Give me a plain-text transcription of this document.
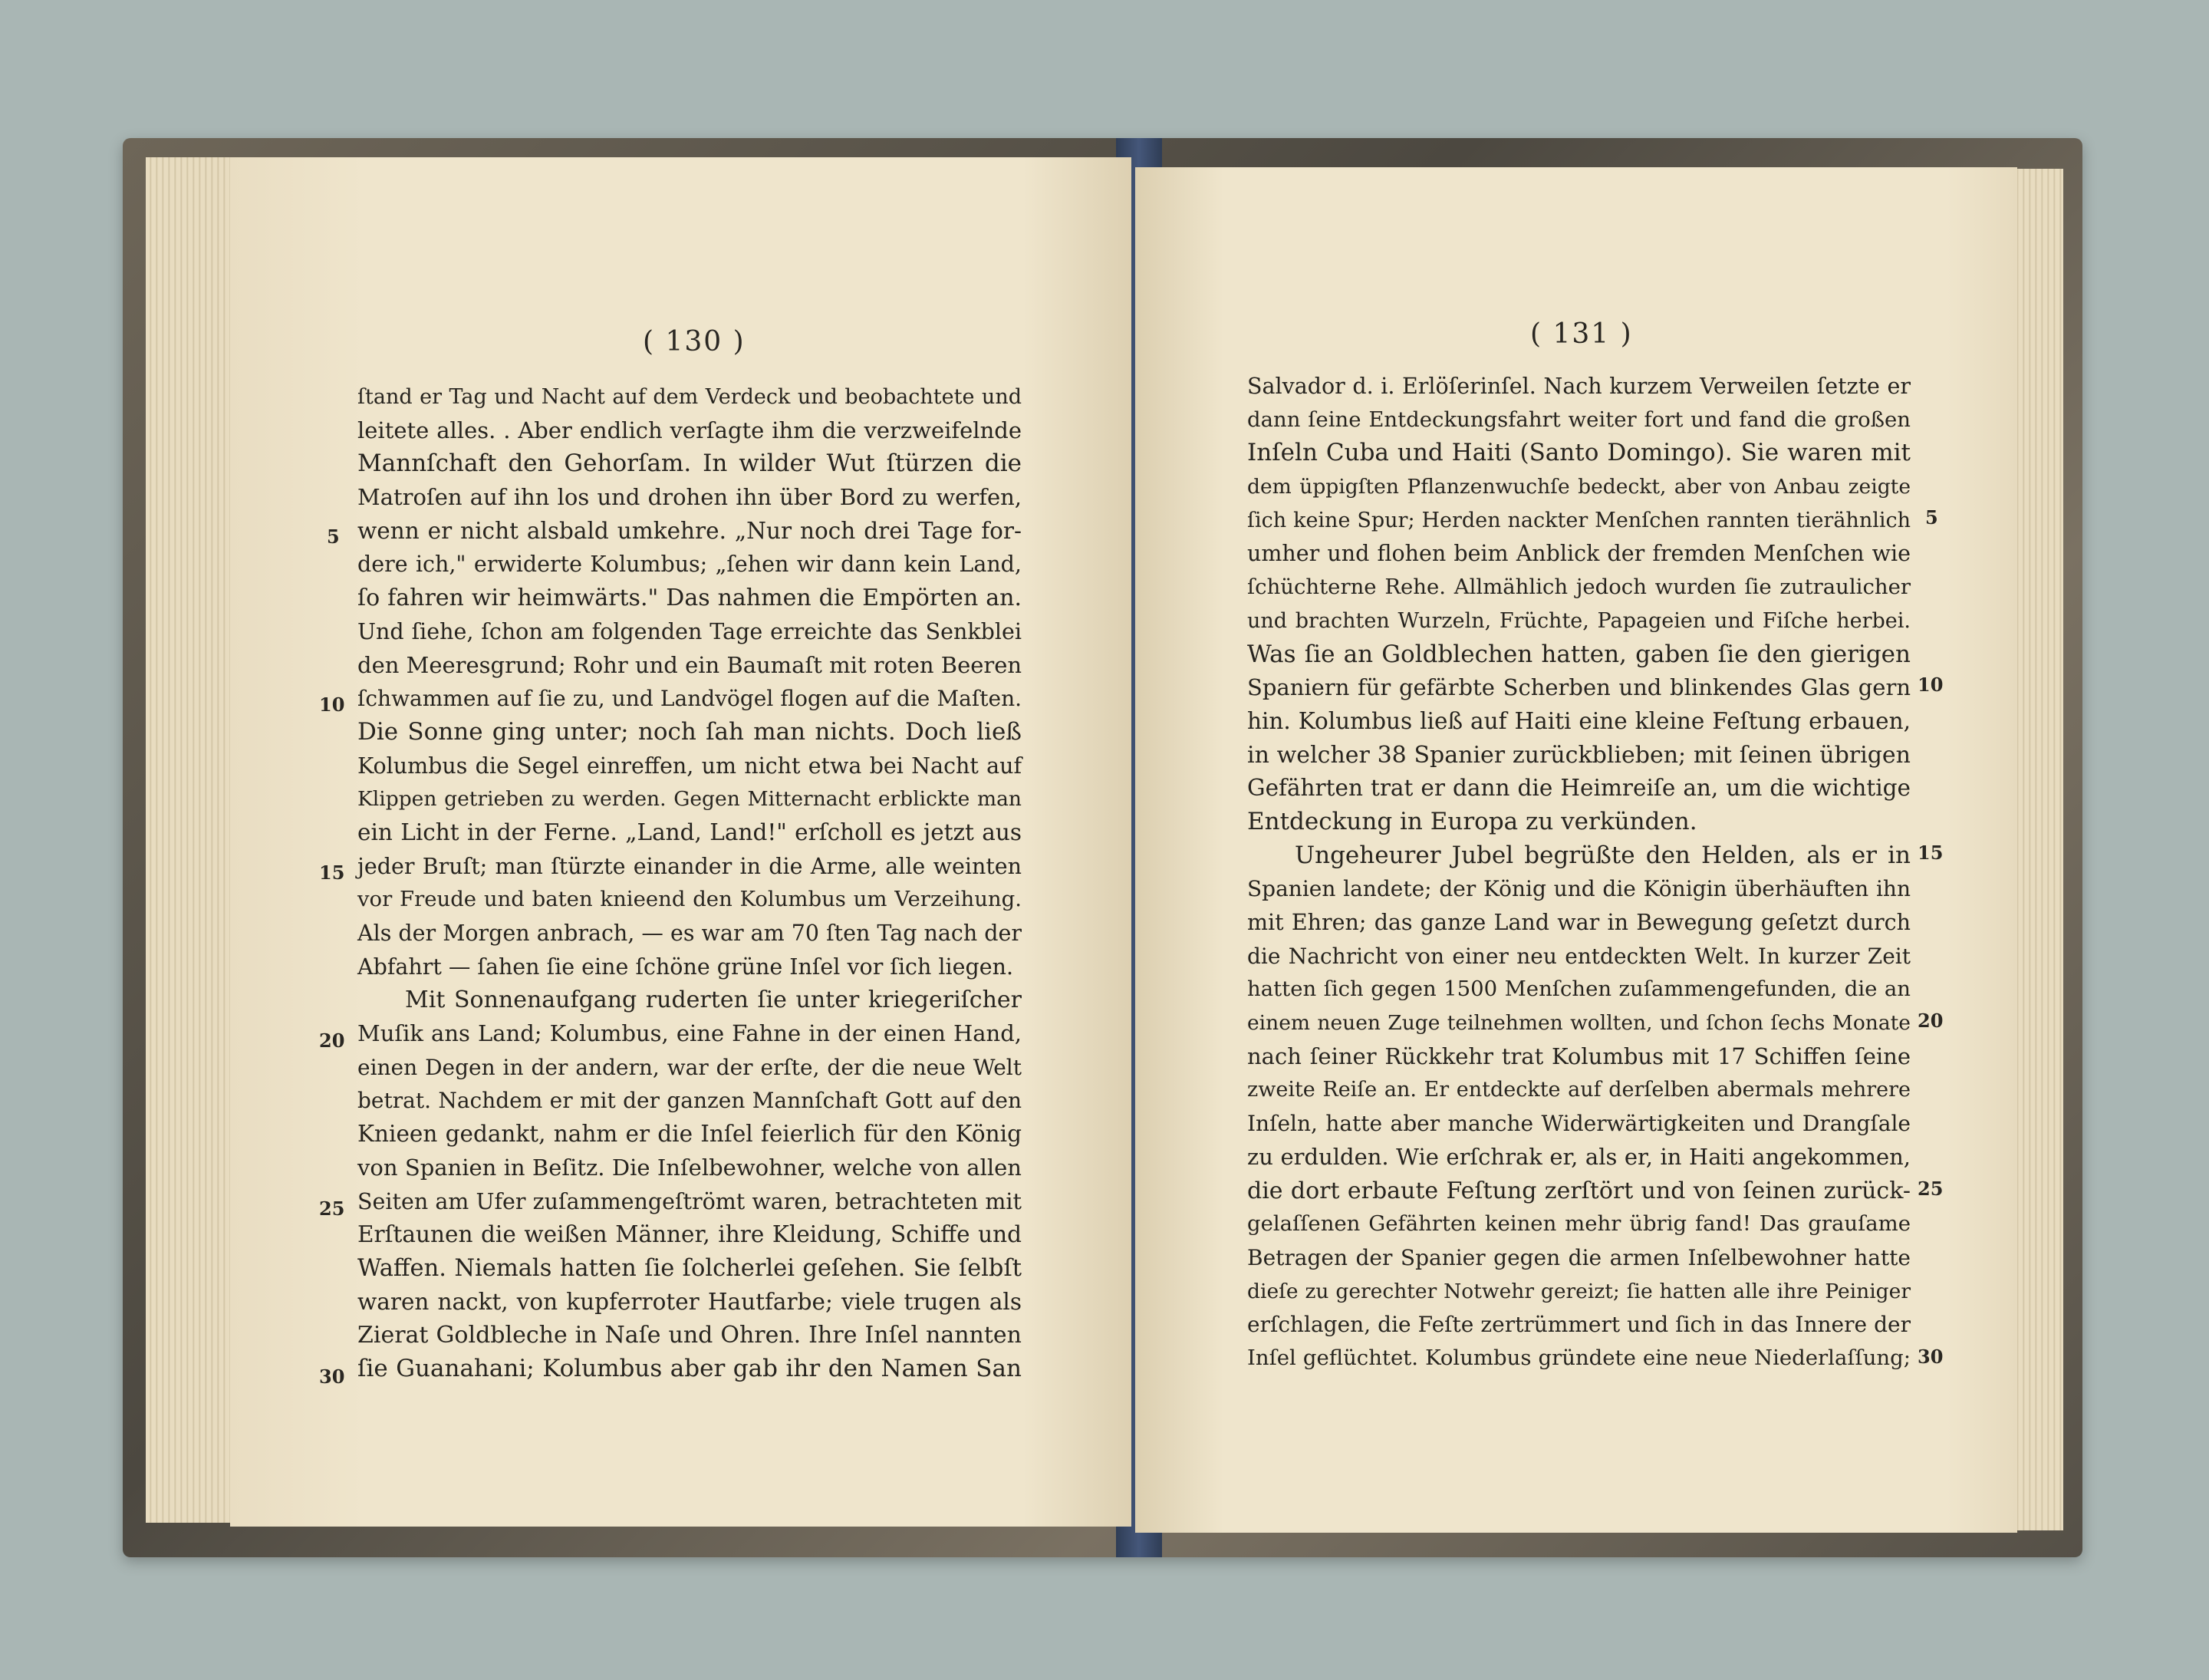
( 130 )
ſtand er Tag und Nacht auf dem Verdeck und beobachtete und
leitete alles. . Aber endlich verſagte ihm die verzweifelnde
Mannſchaft den Gehorſam. In wilder Wut ſtürzen die
Matroſen auf ihn los und drohen ihn über Bord zu werfen,
wenn er nicht alsbald umkehre. „Nur noch drei Tage for-
dere ich," erwiderte Kolumbus; „ſehen wir dann kein Land,
ſo fahren wir heimwärts." Das nahmen die Empörten an.
Und ſiehe, ſchon am folgenden Tage erreichte das Senkblei
den Meeresgrund; Rohr und ein Baumaſt mit roten Beeren
ſchwammen auf ſie zu, und Landvögel flogen auf die Maſten.
Die Sonne ging unter; noch ſah man nichts. Doch ließ
Kolumbus die Segel einreffen, um nicht etwa bei Nacht auf
Klippen getrieben zu werden. Gegen Mitternacht erblickte man
ein Licht in der Ferne. „Land, Land!" erſcholl es jetzt aus
jeder Bruſt; man ſtürzte einander in die Arme, alle weinten
vor Freude und baten knieend den Kolumbus um Verzeihung.
Als der Morgen anbrach, — es war am 70 ſten Tag nach der
Abfahrt — ſahen ſie eine ſchöne grüne Inſel vor ſich liegen.
Mit Sonnenaufgang ruderten ſie unter kriegeriſcher
Muſik ans Land; Kolumbus, eine Fahne in der einen Hand,
einen Degen in der andern, war der erſte, der die neue Welt
betrat. Nachdem er mit der ganzen Mannſchaft Gott auf den
Knieen gedankt, nahm er die Inſel feierlich für den König
von Spanien in Beſitz. Die Inſelbewohner, welche von allen
Seiten am Ufer zuſammengeſtrömt waren, betrachteten mit
Erſtaunen die weißen Männer, ihre Kleidung, Schiffe und
Waffen. Niemals hatten ſie ſolcherlei geſehen. Sie ſelbſt
waren nackt, von kupferroter Hautfarbe; viele trugen als
Zierat Goldbleche in Naſe und Ohren. Ihre Inſel nannten
ſie Guanahani; Kolumbus aber gab ihr den Namen San
5
10
15
20
25
30
( 131 )
Salvador d. i. Erlöſerinſel. Nach kurzem Verweilen ſetzte er
dann ſeine Entdeckungsfahrt weiter fort und fand die großen
Inſeln Cuba und Haiti (Santo Domingo). Sie waren mit
dem üppigſten Pflanzenwuchſe bedeckt, aber von Anbau zeigte
ſich keine Spur; Herden nackter Menſchen rannten tierähnlich
umher und flohen beim Anblick der fremden Menſchen wie
ſchüchterne Rehe. Allmählich jedoch wurden ſie zutraulicher
und brachten Wurzeln, Früchte, Papageien und Fiſche herbei.
Was ſie an Goldblechen hatten, gaben ſie den gierigen
Spaniern für gefärbte Scherben und blinkendes Glas gern
hin. Kolumbus ließ auf Haiti eine kleine Feſtung erbauen,
in welcher 38 Spanier zurückblieben; mit ſeinen übrigen
Gefährten trat er dann die Heimreiſe an, um die wichtige
Entdeckung in Europa zu verkünden.
Ungeheurer Jubel begrüßte den Helden, als er in
Spanien landete; der König und die Königin überhäuften ihn
mit Ehren; das ganze Land war in Bewegung geſetzt durch
die Nachricht von einer neu entdeckten Welt. In kurzer Zeit
hatten ſich gegen 1500 Menſchen zuſammengefunden, die an
einem neuen Zuge teilnehmen wollten, und ſchon ſechs Monate
nach ſeiner Rückkehr trat Kolumbus mit 17 Schiffen ſeine
zweite Reiſe an. Er entdeckte auf derſelben abermals mehrere
Inſeln, hatte aber manche Widerwärtigkeiten und Drangſale
zu erdulden. Wie erſchrak er, als er, in Haiti angekommen,
die dort erbaute Feſtung zerſtört und von ſeinen zurück-
gelaſſenen Gefährten keinen mehr übrig fand! Das grauſame
Betragen der Spanier gegen die armen Inſelbewohner hatte
dieſe zu gerechter Notwehr gereizt; ſie hatten alle ihre Peiniger
erſchlagen, die Feſte zertrümmert und ſich in das Innere der
Inſel geflüchtet. Kolumbus gründete eine neue Niederlaſſung;
5
10
15
20
25
30
